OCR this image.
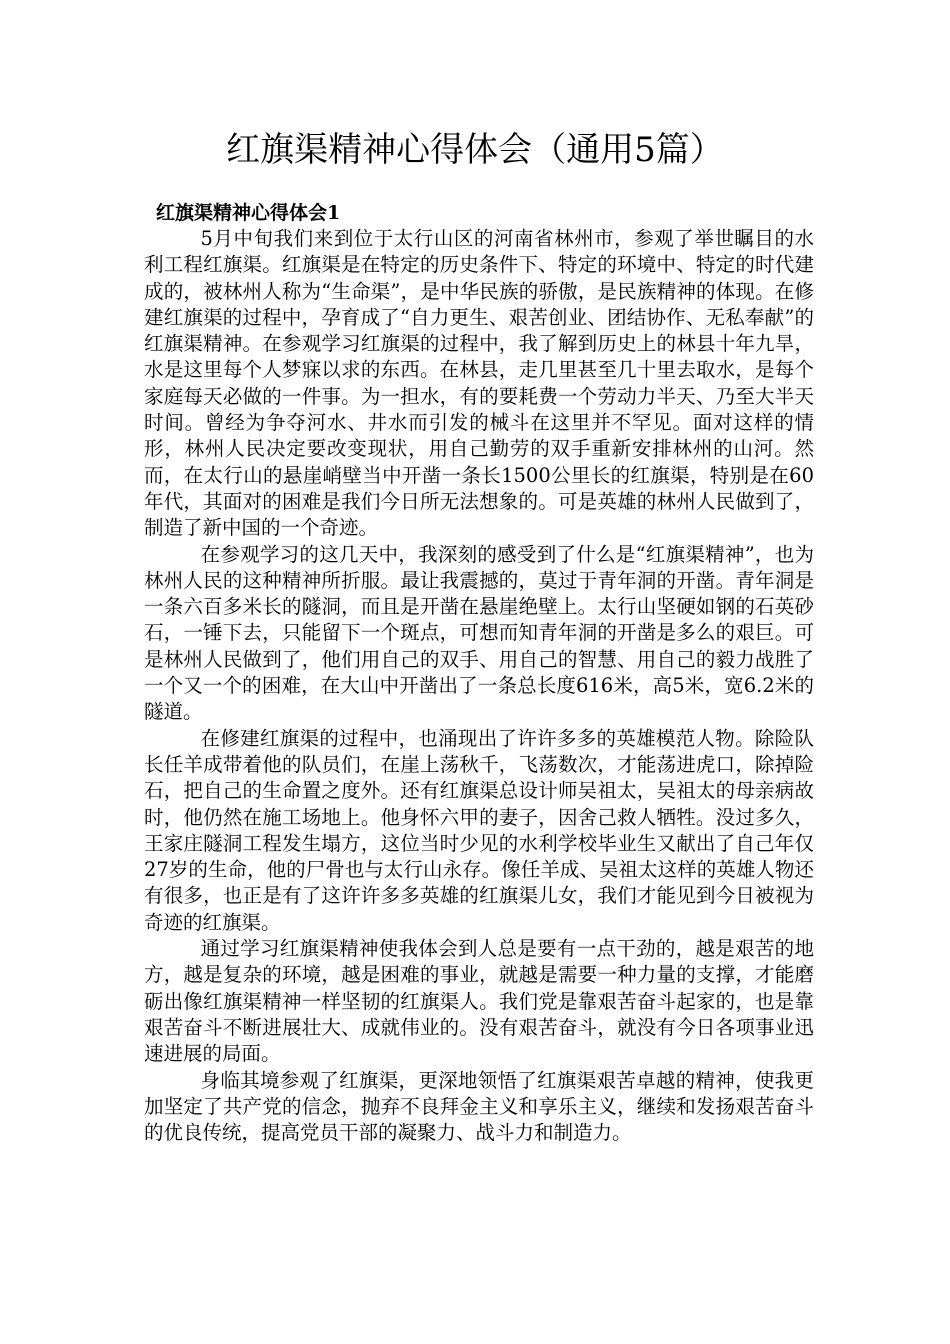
红旗渠精神心得体会（通用5篇）
红旗渠精神心得体会1

5月中旬我们来到位于太行山区的河南省林州市，参观了举世瞩目的水利工程红旗渠。红旗渠是在特定的历史条件下、特定的环境中、特定的时代建成的，被林州人称为“生命渠”，是中华民族的骄傲，是民族精神的体现。在修建红旗渠的过程中，孕育成了“自力更生、艰苦创业、团结协作、无私奉献”的红旗渠精神。在参观学习红旗渠的过程中，我了解到历史上的林县十年九旱，水是这里每个人梦寐以求的东西。在林县，走几里甚至几十里去取水，是每个家庭每天必做的一件事。为一担水，有的要耗费一个劳动力半天、乃至大半天时间。曾经为争夺河水、井水而引发的械斗在这里并不罕见。面对这样的情形，林州人民决定要改变现状，用自己勤劳的双手重新安排林州的山河。然而，在太行山的悬崖峭壁当中开凿一条长1500公里长的红旗渠，特别是在60年代，其面对的困难是我们今日所无法想象的。可是英雄的林州人民做到了，制造了新中国的一个奇迹。

在参观学习的这几天中，我深刻的感受到了什么是“红旗渠精神”，也为林州人民的这种精神所折服。最让我震撼的，莫过于青年洞的开凿。青年洞是一条六百多米长的隧洞，而且是开凿在悬崖绝壁上。太行山坚硬如钢的石英砂石，一锤下去，只能留下一个斑点，可想而知青年洞的开凿是多么的艰巨。可是林州人民做到了，他们用自己的双手、用自己的智慧、用自己的毅力战胜了一个又一个的困难，在大山中开凿出了一条总长度616米，高5米，宽6.2米的隧道。

在修建红旗渠的过程中，也涌现出了许许多多的英雄模范人物。除险队长任羊成带着他的队员们，在崖上荡秋千，飞荡数次，才能荡进虎口，除掉险石，把自己的生命置之度外。还有红旗渠总设计师吴祖太，吴祖太的母亲病故时，他仍然在施工场地上。他身怀六甲的妻子，因舍己救人牺牲。没过多久，王家庄隧洞工程发生塌方，这位当时少见的水利学校毕业生又献出了自己年仅27岁的生命，他的尸骨也与太行山永存。像任羊成、吴祖太这样的英雄人物还有很多，也正是有了这许许多多英雄的红旗渠儿女，我们才能见到今日被视为奇迹的红旗渠。

通过学习红旗渠精神使我体会到人总是要有一点干劲的，越是艰苦的地方，越是复杂的环境，越是困难的事业，就越是需要一种力量的支撑，才能磨砺出像红旗渠精神一样坚韧的红旗渠人。我们党是靠艰苦奋斗起家的，也是靠艰苦奋斗不断进展壮大、成就伟业的。没有艰苦奋斗，就没有今日各项事业迅速进展的局面。

身临其境参观了红旗渠，更深地领悟了红旗渠艰苦卓越的精神，使我更加坚定了共产党的信念，抛弃不良拜金主义和享乐主义，继续和发扬艰苦奋斗的优良传统，提高党员干部的凝聚力、战斗力和制造力。
